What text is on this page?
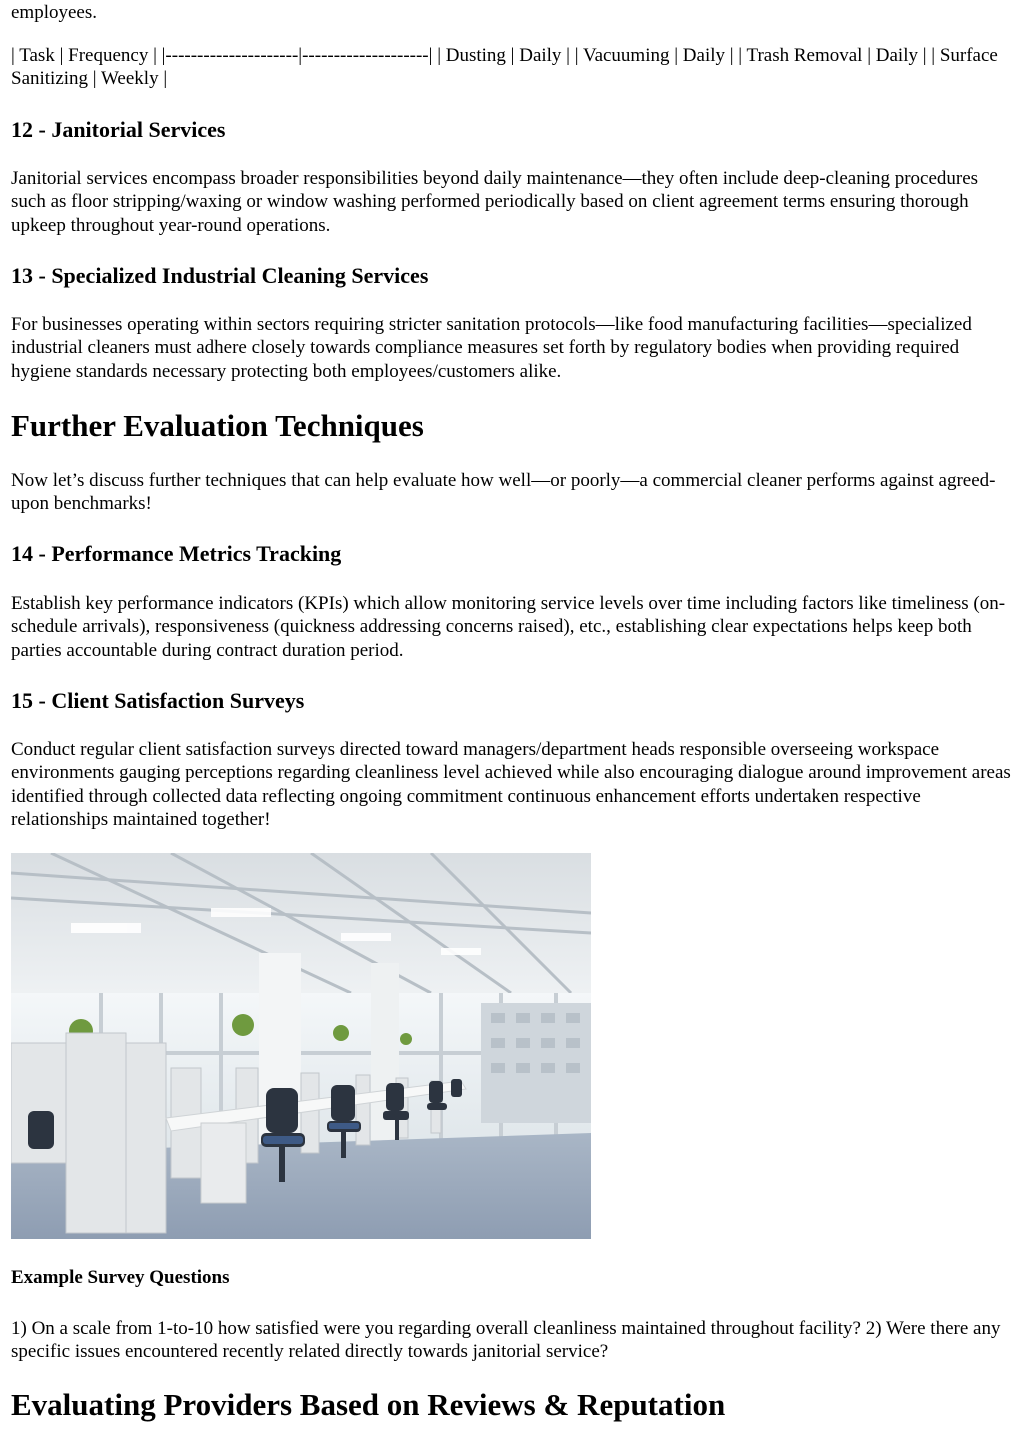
employees.

| Task | Frequency | |---------------------|--------------------| | Dusting | Daily | | Vacuuming | Daily | | Trash Removal | Daily | | Surface Sanitizing | Weekly |

12 - Janitorial Services

Janitorial services encompass broader responsibilities beyond daily maintenance—they often include deep-cleaning procedures such as floor stripping/waxing or window washing performed periodically based on client agreement terms ensuring thorough upkeep throughout year-round operations.

13 - Specialized Industrial Cleaning Services

For businesses operating within sectors requiring stricter sanitation protocols—like food manufacturing facilities—specialized industrial cleaners must adhere closely towards compliance measures set forth by regulatory bodies when providing required hygiene standards necessary protecting both employees/customers alike.

Further Evaluation Techniques

Now let’s discuss further techniques that can help evaluate how well—or poorly—a commercial cleaner performs against agreed-upon benchmarks!

14 - Performance Metrics Tracking

Establish key performance indicators (KPIs) which allow monitoring service levels over time including factors like timeliness (on-schedule arrivals), responsiveness (quickness addressing concerns raised), etc., establishing clear expectations helps keep both parties accountable during contract duration period.

15 - Client Satisfaction Surveys

Conduct regular client satisfaction surveys directed toward managers/department heads responsible overseeing workspace environments gauging perceptions regarding cleanliness level achieved while also encouraging dialogue around improvement areas identified through collected data reflecting ongoing commitment continuous enhancement efforts undertaken respective relationships maintained together!

Example Survey Questions

1) On a scale from 1-to-10 how satisfied were you regarding overall cleanliness maintained throughout facility? 2) Were there any specific issues encountered recently related directly towards janitorial service?

Evaluating Providers Based on Reviews & Reputation
